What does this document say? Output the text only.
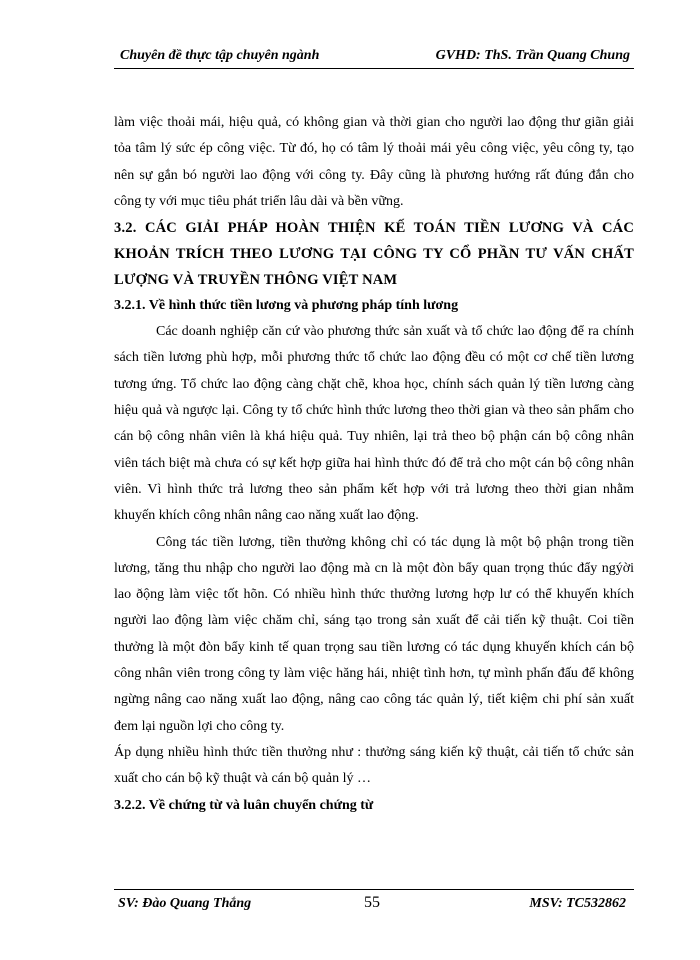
Chuyên đề thực tập chuyên ngành	GVHD: ThS. Trần Quang Chung

làm việc thoải mái, hiệu quả, có không gian và thời gian cho người lao động thư giãn giải tỏa tâm lý sức ép công việc. Từ đó, họ có tâm lý thoải mái yêu công việc, yêu công ty, tạo nên sự gắn bó người lao động với công ty. Đây cũng là phương hướng rất đúng đắn cho công ty với mục tiêu phát triển lâu dài và bền vững.

3.2. CÁC GIẢI PHÁP HOÀN THIỆN KẾ TOÁN TIỀN LƯƠNG VÀ CÁC KHOẢN TRÍCH THEO LƯƠNG TẠI CÔNG TY CỔ PHẦN TƯ VẤN CHẤT LƯỢNG VÀ TRUYỀN THÔNG VIỆT NAM

3.2.1. Về hình thức tiền lương và phương pháp tính lương

Các doanh nghiệp căn cứ vào phương thức sản xuất và tổ chức lao động để ra chính sách tiền lương phù hợp, mỗi phương thức tổ chức lao động đều có một cơ chế tiền lương tương ứng. Tổ chức lao động càng chặt chẽ, khoa học, chính sách quản lý tiền lương càng hiệu quả và ngược lại. Công ty tổ chức hình thức lương theo thời gian và theo sản phẩm cho cán bộ công nhân viên là khá hiệu quả. Tuy nhiên, lại trả theo bộ phận cán bộ công nhân viên tách biệt mà chưa có sự kết hợp giữa hai hình thức đó để trả cho một cán bộ công nhân viên. Vì hình thức trả lương theo sản phẩm kết hợp với trả lương theo thời gian nhằm khuyến khích công nhân nâng cao năng xuất lao động.

Công tác tiền lương, tiền thưởng không chỉ có tác dụng là một bộ phận trong tiền lương, tăng thu nhập cho người lao động mà cn là một đòn bẩy quan trọng thúc đẩy ngýời lao ðộng làm việc tốt hõn. Có nhiều hình thức thưởng lương hợp lư có thể khuyến khích người lao động làm việc chăm chỉ, sáng tạo trong sản xuất để cải tiến kỹ thuật. Coi tiền thưởng là một đòn bẩy kinh tế quan trọng sau tiền lương có tác dụng khuyến khích cán bộ công nhân viên trong công ty làm việc hăng hái, nhiệt tình hơn, tự mình phấn đấu để không ngừng nâng cao năng xuất lao động, nâng cao công tác quản lý, tiết kiệm chi phí sản xuất đem lại nguồn lợi cho công ty.

Áp dụng nhiều hình thức tiền thưởng như : thưởng sáng kiến kỹ thuật, cải tiến tổ chức sản xuất cho cán bộ kỹ thuật và cán bộ quản lý …

3.2.2. Về chứng từ và luân chuyển chứng từ

SV: Đào Quang Thắng	55	MSV: TC532862
